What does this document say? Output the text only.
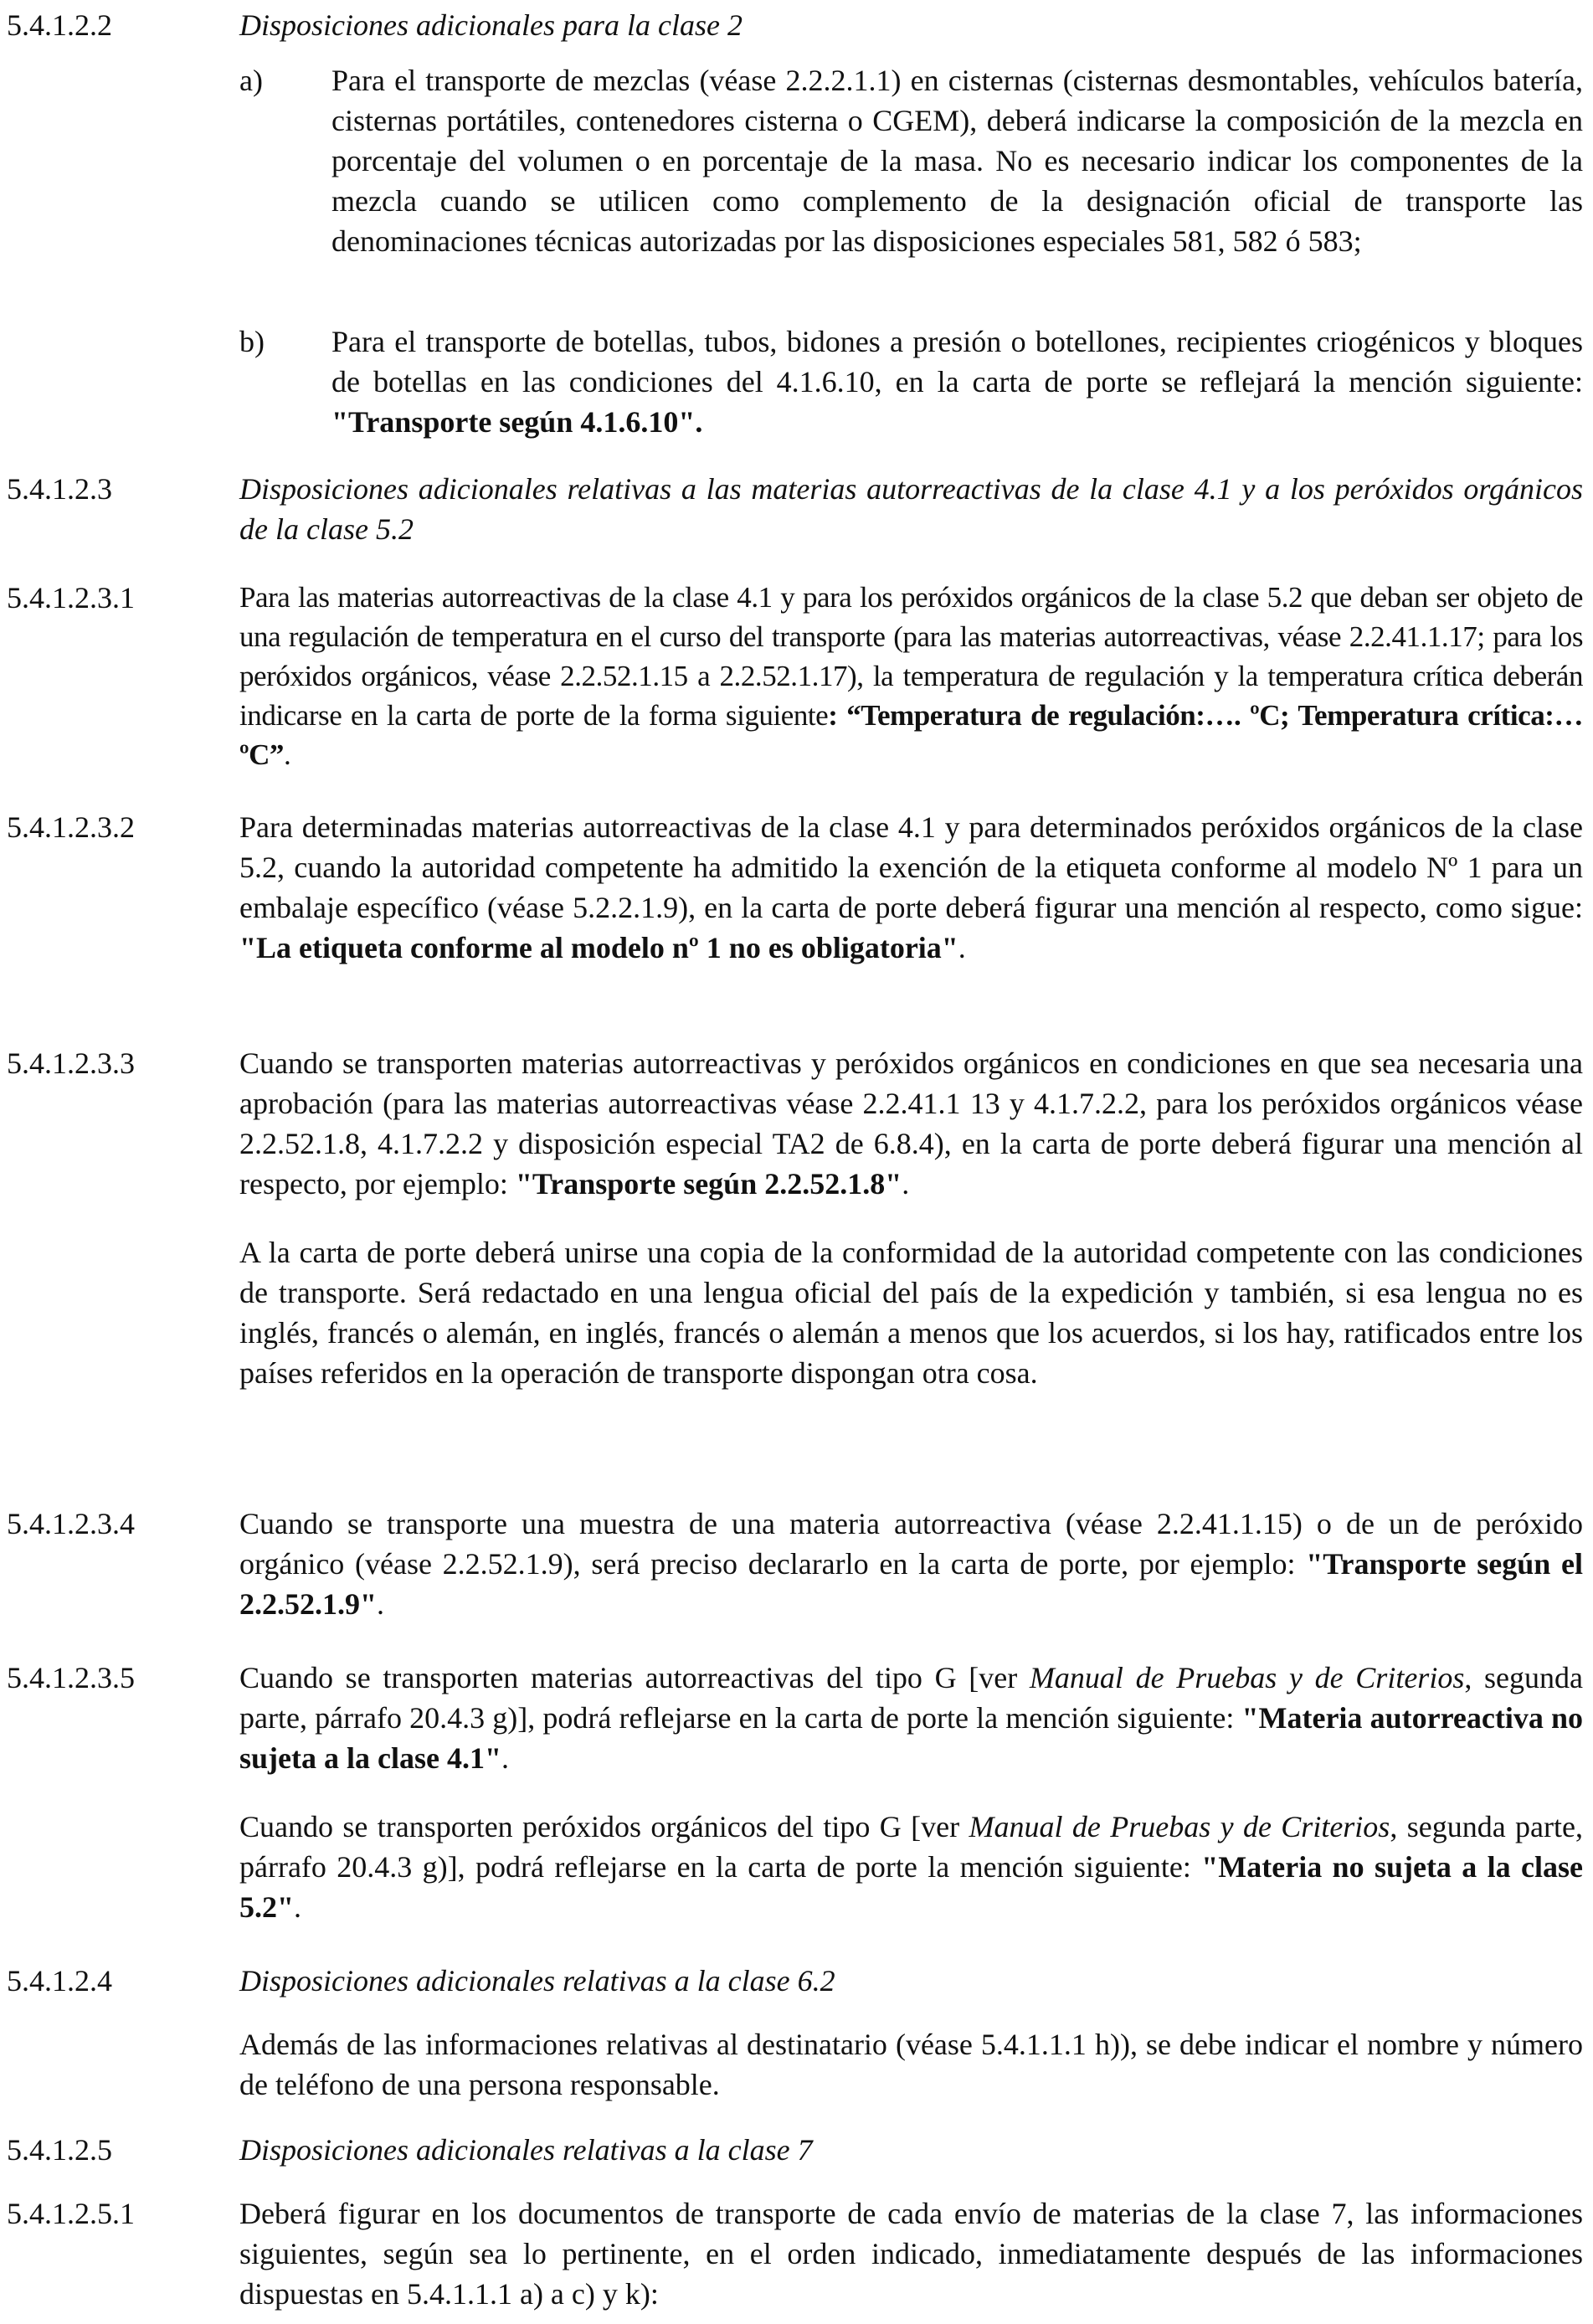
5.4.1.2.2	Disposiciones adicionales para la clase 2
a) Para el transporte de mezclas (véase 2.2.2.1.1) en cisternas (cisternas desmontables, vehículos batería, cisternas portátiles, contenedores cisterna o CGEM), deberá indicarse la composición de la mezcla en porcentaje del volumen o en porcentaje de la masa. No es necesario indicar los componentes de la mezcla cuando se utilicen como complemento de la designación oficial de transporte las denominaciones técnicas autorizadas por las disposiciones especiales 581, 582 ó 583;

b) Para el transporte de botellas, tubos, bidones a presión o botellones, recipientes criogénicos y bloques de botellas en las condiciones del 4.1.6.10, en la carta de porte se reflejará la mención siguiente: "Transporte según 4.1.6.10".

5.4.1.2.3	Disposiciones adicionales relativas a las materias autorreactivas de la clase 4.1 y a los peróxidos orgánicos de la clase 5.2
5.4.1.2.3.1	Para las materias autorreactivas de la clase 4.1 y para los peróxidos orgánicos de la clase 5.2 que deban ser objeto de una regulación de temperatura en el curso del transporte (para las materias autorreactivas, véase 2.2.41.1.17; para los peróxidos orgánicos, véase 2.2.52.1.15 a 2.2.52.1.17), la temperatura de regulación y la temperatura crítica deberán indicarse en la carta de porte de la forma siguiente: “Temperatura de regulación:…. ºC; Temperatura crítica:… ºC”.

5.4.1.2.3.2	Para determinadas materias autorreactivas de la clase 4.1 y para determinados peróxidos orgánicos de la clase 5.2, cuando la autoridad competente ha admitido la exención de la etiqueta conforme al modelo Nº 1 para un embalaje específico (véase 5.2.2.1.9), en la carta de porte deberá figurar una mención al respecto, como sigue: "La etiqueta conforme al modelo nº 1 no es obligatoria".

5.4.1.2.3.3	Cuando se transporten materias autorreactivas y peróxidos orgánicos en condiciones en que sea necesaria una aprobación (para las materias autorreactivas véase 2.2.41.1 13 y 4.1.7.2.2, para los peróxidos orgánicos véase 2.2.52.1.8, 4.1.7.2.2 y disposición especial TA2 de 6.8.4), en la carta de porte deberá figurar una mención al respecto, por ejemplo: "Transporte según 2.2.52.1.8".

A la carta de porte deberá unirse una copia de la conformidad de la autoridad competente con las condiciones de transporte. Será redactado en una lengua oficial del país de la expedición y también, si esa lengua no es inglés, francés o alemán, en inglés, francés o alemán a menos que los acuerdos, si los hay, ratificados entre los países referidos en la operación de transporte dispongan otra cosa.

5.4.1.2.3.4	Cuando se transporte una muestra de una materia autorreactiva (véase 2.2.41.1.15) o de un de peróxido orgánico (véase 2.2.52.1.9), será preciso declararlo en la carta de porte, por ejemplo: "Transporte según el 2.2.52.1.9".

5.4.1.2.3.5	Cuando se transporten materias autorreactivas del tipo G [ver Manual de Pruebas y de Criterios, segunda parte, párrafo 20.4.3 g)], podrá reflejarse en la carta de porte la mención siguiente: "Materia autorreactiva no sujeta a la clase 4.1".

Cuando se transporten peróxidos orgánicos del tipo G [ver Manual de Pruebas y de Criterios, segunda parte, párrafo 20.4.3 g)], podrá reflejarse en la carta de porte la mención siguiente: "Materia no sujeta a la clase 5.2".

5.4.1.2.4	Disposiciones adicionales relativas a la clase 6.2

Además de las informaciones relativas al destinatario (véase 5.4.1.1.1 h)), se debe indicar el nombre y número de teléfono de una persona responsable.

5.4.1.2.5	Disposiciones adicionales relativas a la clase 7
5.4.1.2.5.1	Deberá figurar en los documentos de transporte de cada envío de materias de la clase 7, las informaciones siguientes, según sea lo pertinente, en el orden indicado, inmediatamente después de las informaciones dispuestas en 5.4.1.1.1 a) a c) y k):
